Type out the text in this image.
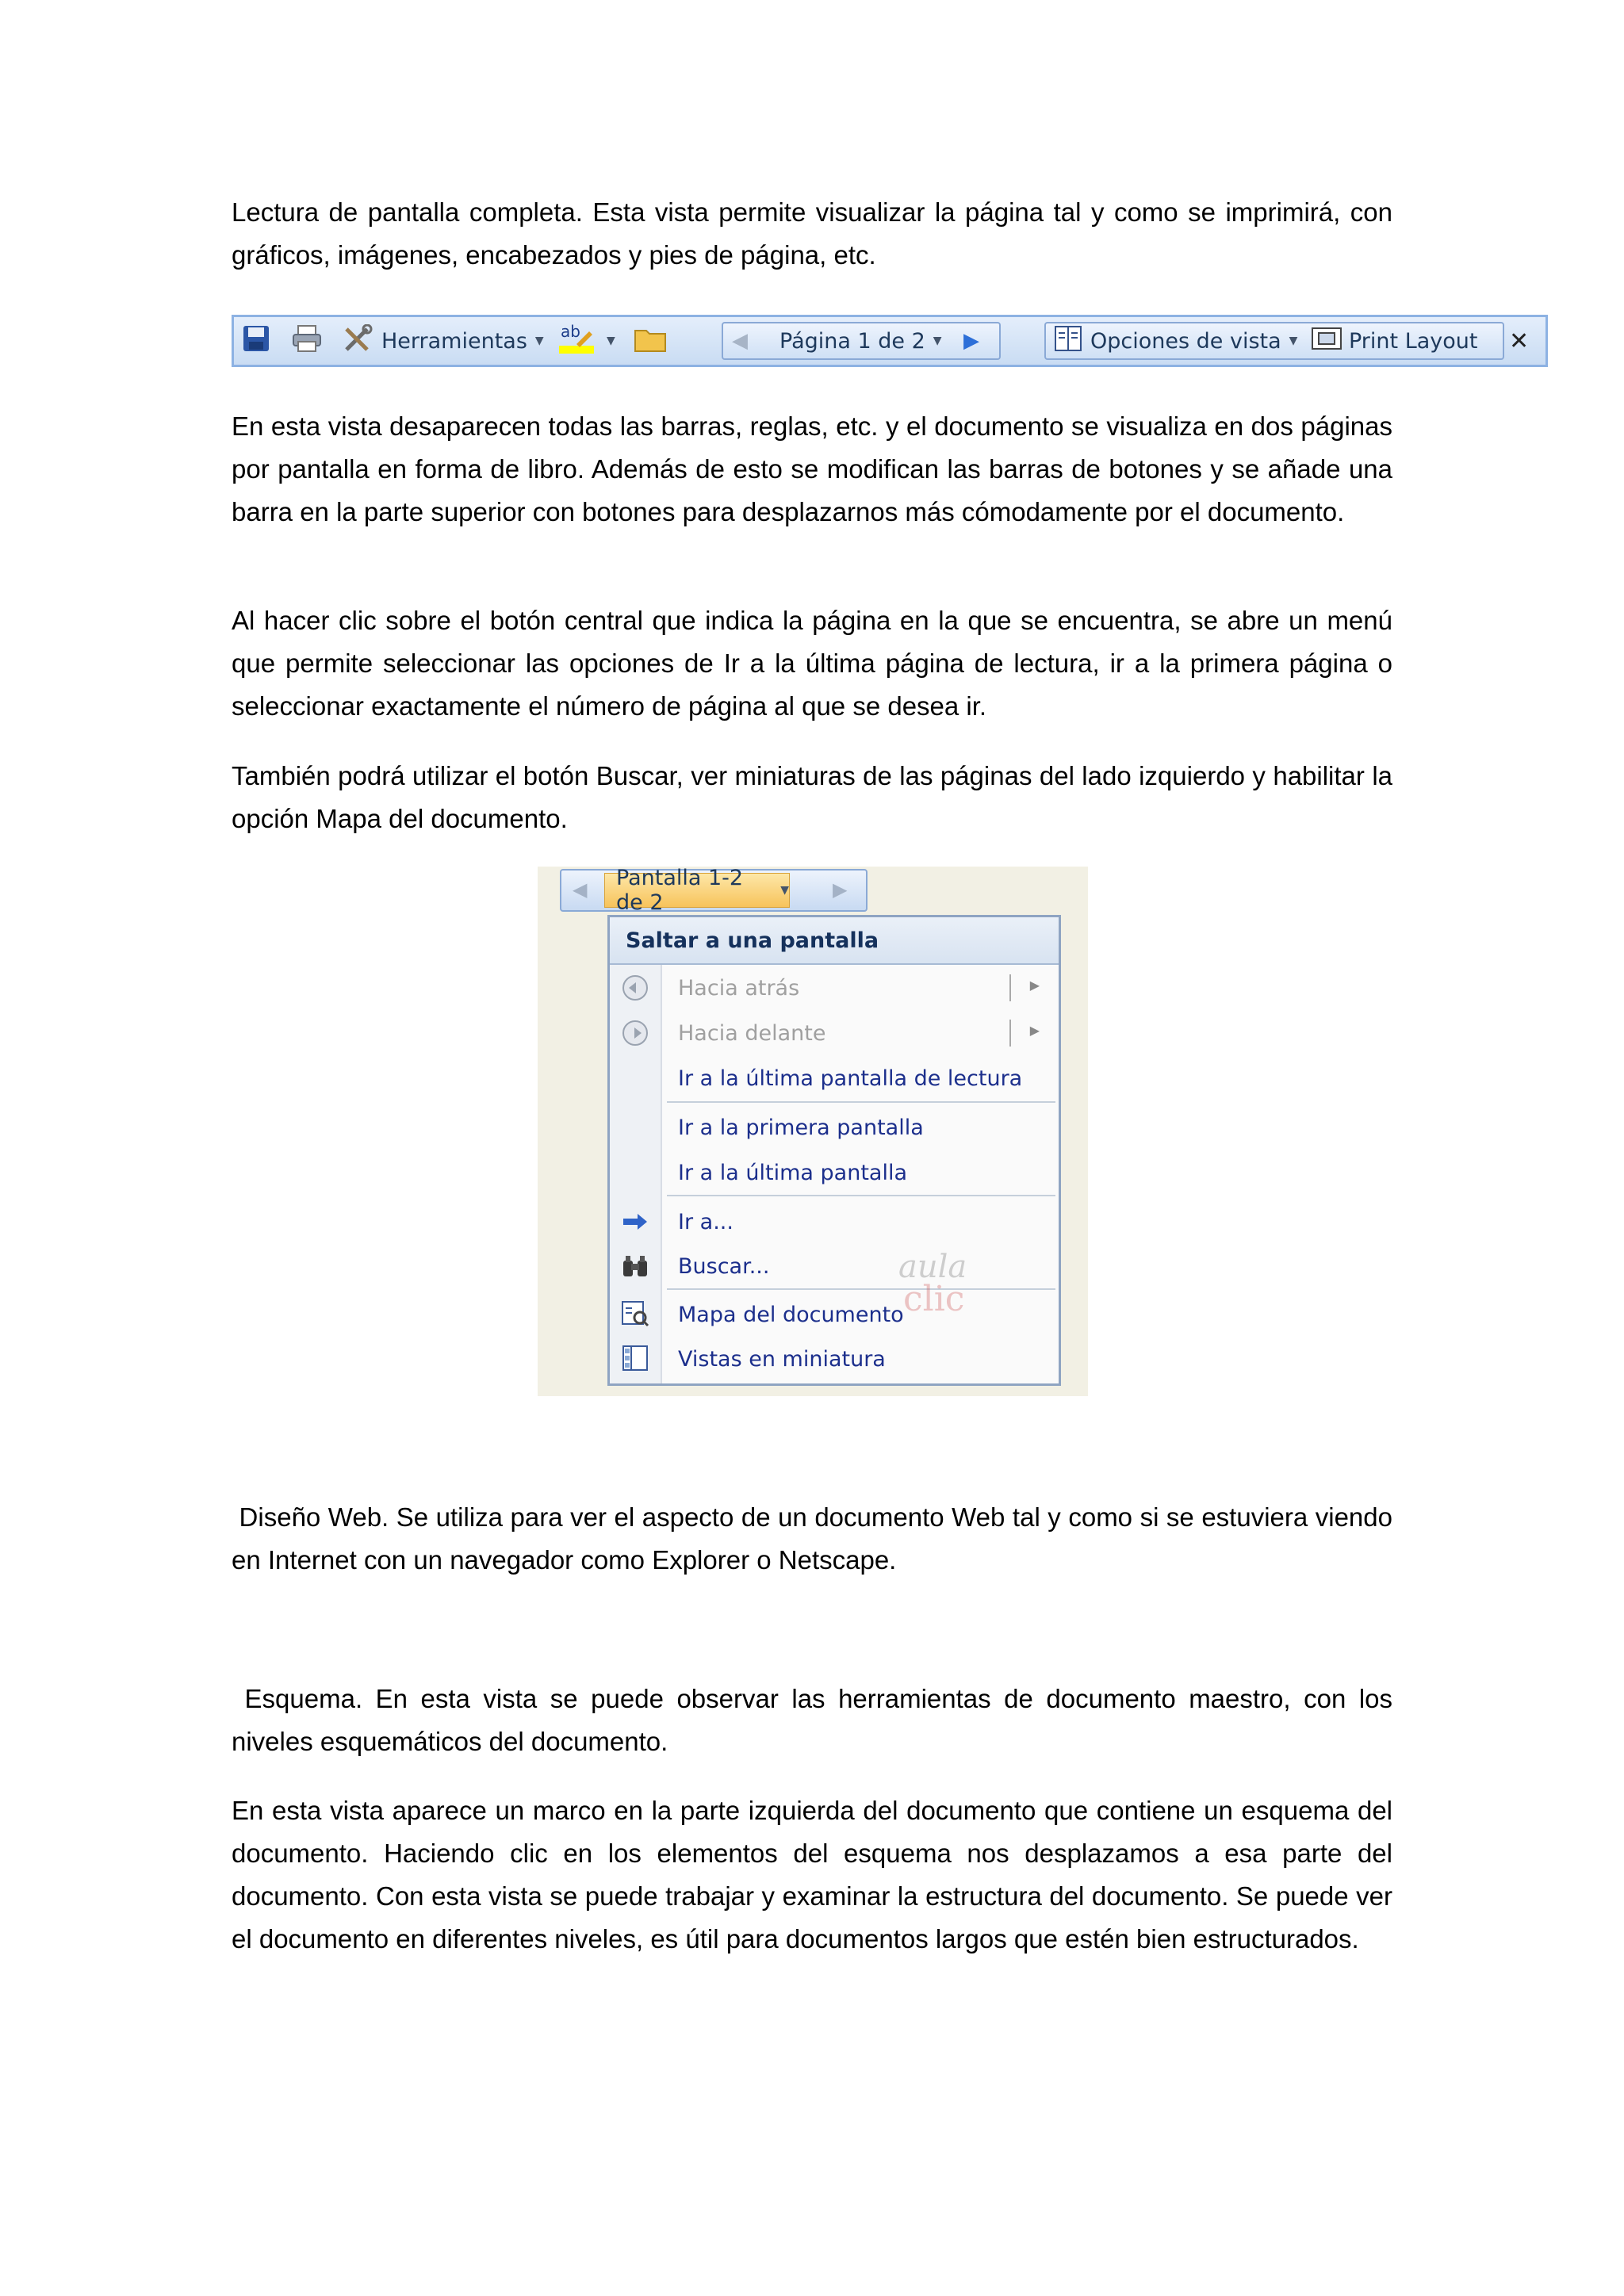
Lectura de pantalla completa. Esta vista permite visualizar la página tal y como se imprimirá, con gráficos, imágenes, encabezados y pies de página, etc.

Herramientas ▼ ab ▼	◀ Página 1 de 2 ▼ ▶	Opciones de vista ▼ Print Layout ✕

En esta vista desaparecen todas las barras, reglas, etc. y el documento se visualiza en dos páginas por pantalla en forma de libro. Además de esto se modifican las barras de botones y se añade una barra en la parte superior con botones para desplazarnos más cómodamente por el documento.

Al hacer clic sobre el botón central que indica la página en la que se encuentra, se abre un menú que permite seleccionar las opciones de Ir a la última página de lectura, ir a la primera página o seleccionar exactamente el número de página al que se desea ir.

También podrá utilizar el botón Buscar, ver miniaturas de las páginas del lado izquierdo y habilitar la opción Mapa del documento.

◀ Pantalla 1-2 de 2	▼ ▶
Saltar a una pantalla
Hacia atrás	▶
Hacia delante	▶
Ir a la última pantalla de lectura
Ir a la primera pantalla
Ir a la última pantalla
Ir a...
Buscar...	aula
clic
Mapa del documento
Vistas en miniatura

Diseño Web. Se utiliza para ver el aspecto de un documento Web tal y como si se estuviera viendo en Internet con un navegador como Explorer o Netscape.

Esquema. En esta vista se puede observar las herramientas de documento maestro, con los niveles esquemáticos del documento.

En esta vista aparece un marco en la parte izquierda del documento que contiene un esquema del documento. Haciendo clic en los elementos del esquema nos desplazamos a esa parte del documento. Con esta vista se puede trabajar y examinar la estructura del documento. Se puede ver el documento en diferentes niveles, es útil para documentos largos que estén bien estructurados.
